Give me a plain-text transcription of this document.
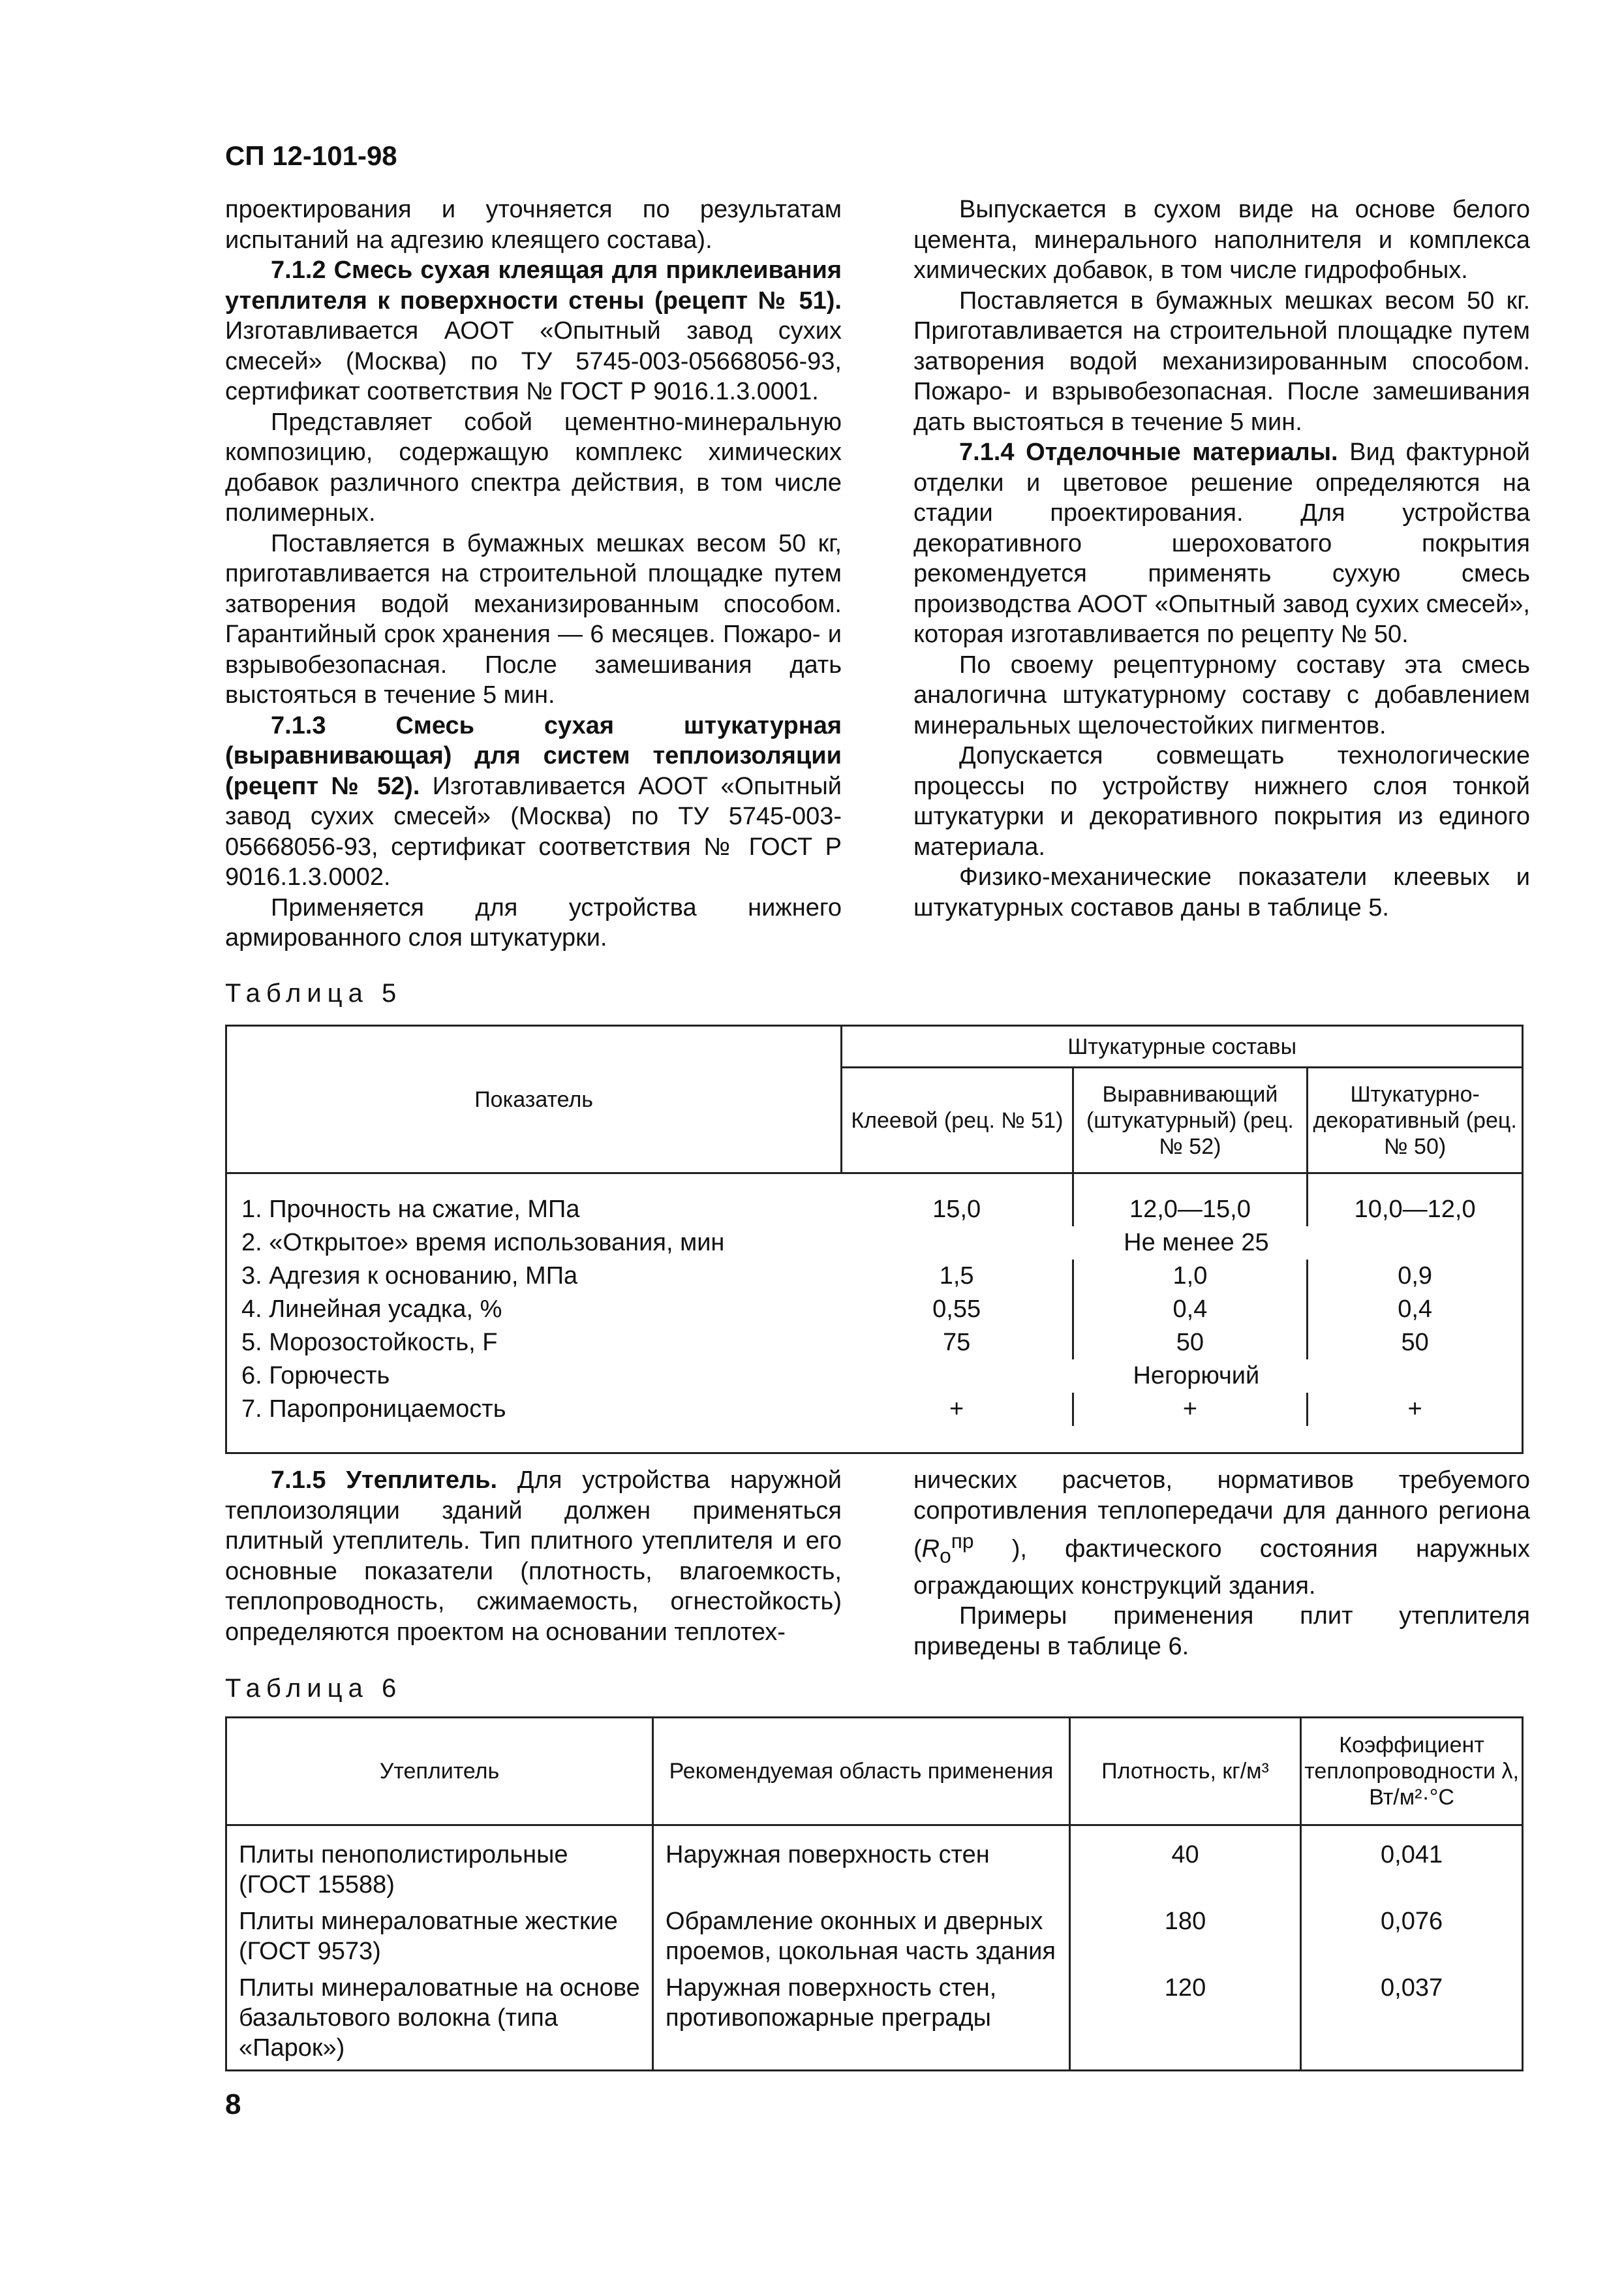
СП 12-101-98

проектирования и уточняется по результатам испытаний на адгезию клеящего состава).

7.1.2 Смесь сухая клеящая для приклеивания утеплителя к поверхности стены (рецепт № 51). Изготавливается АООТ «Опытный завод сухих смесей» (Москва) по ТУ 5745-003-05668056-93, сертификат соответствия № ГОСТ Р 9016.1.3.0001.

Представляет собой цементно-минеральную композицию, содержащую комплекс химических добавок различного спектра действия, в том числе полимерных.

Поставляется в бумажных мешках весом 50 кг, приготавливается на строительной площадке путем затворения водой механизированным способом. Гарантийный срок хранения — 6 месяцев. Пожаро- и взрывобезопасная. После замешивания дать выстояться в течение 5 мин.

7.1.3 Смесь сухая штукатурная (выравнивающая) для систем теплоизоляции (рецепт № 52). Изготавливается АООТ «Опытный завод сухих смесей» (Москва) по ТУ 5745-003-05668056-93, сертификат соответствия № ГОСТ Р 9016.1.3.0002.

Применяется для устройства нижнего армированного слоя штукатурки.

Выпускается в сухом виде на основе белого цемента, минерального наполнителя и комплекса химических добавок, в том числе гидрофобных.

Поставляется в бумажных мешках весом 50 кг. Приготавливается на строительной площадке путем затворения водой механизированным способом. Пожаро- и взрывобезопасная. После замешивания дать выстояться в течение 5 мин.

7.1.4 Отделочные материалы. Вид фактурной отделки и цветовое решение определяются на стадии проектирования. Для устройства декоративного шероховатого покрытия рекомендуется применять сухую смесь производства АООТ «Опытный завод сухих смесей», которая изготавливается по рецепту № 50.

По своему рецептурному составу эта смесь аналогична штукатурному составу с добавлением минеральных щелочестойких пигментов.

Допускается совмещать технологические процессы по устройству нижнего слоя тонкой штукатурки и декоративного покрытия из единого материала.

Физико-механические показатели клеевых и штукатурных составов даны в таблице 5.

Таблица 5
Показатель	Штукатурные составы		
	Клеевой (рец. № 51)	Выравнивающий (штукатурный) (рец. № 52)	Штукатурно-декоративный (рец. № 50)

1. Прочность на сжатие, МПа	15,0	12,0—15,0	10,0—12,0
2. «Открытое» время использования, мин	Не менее 25		
3. Адгезия к основанию, МПа	1,5	1,0	0,9
4. Линейная усадка, %	0,55	0,4	0,4
5. Морозостойкость, F	75	50	50
6. Горючесть	Негорючий		
7. Паропроницаемость	+	+	+

7.1.5 Утеплитель. Для устройства наружной теплоизоляции зданий должен применяться плитный утеплитель. Тип плитного утеплителя и его основные показатели (плотность, влагоемкость, теплопроводность, сжимаемость, огнестойкость) определяются проектом на основании теплотех-

нических расчетов, нормативов требуемого сопротивления теплопередачи для данного региона ($R_o^{пр}$ ), фактического состояния наружных ограждающих конструкций здания.

Примеры применения плит утеплителя приведены в таблице 6.

Таблица 6
Утеплитель	Рекомендуемая область применения	Плотность, кг/м³	Коэффициент теплопроводности λ, Вт/м²·°С

Плиты пенополистирольные (ГОСТ 15588)	Наружная поверхность стен	40	0,041
Плиты минераловатные жесткие (ГОСТ 9573)	Обрамление оконных и дверных проемов, цокольная часть здания	180	0,076
Плиты минераловатные на основе базальтового волокна (типа «Парок»)	Наружная поверхность стен, противопожарные преграды	120	0,037
8
